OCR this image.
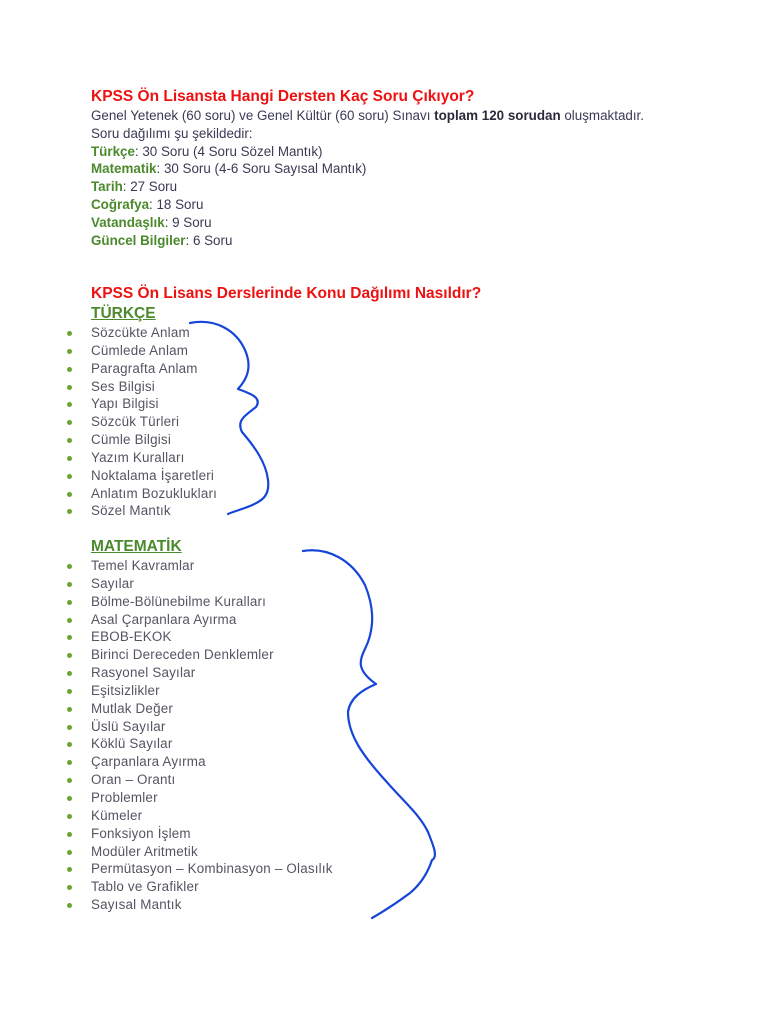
KPSS Ön Lisansta Hangi Dersten Kaç Soru Çıkıyor?
Genel Yetenek (60 soru) ve Genel Kültür (60 soru) Sınavı toplam 120 sorudan oluşmaktadır.
Soru dağılımı şu şekildedir:
Türkçe: 30 Soru (4 Soru Sözel Mantık)
Matematik: 30 Soru (4-6 Soru Sayısal Mantık)
Tarih: 27 Soru
Coğrafya: 18 Soru
Vatandaşlık: 9 Soru
Güncel Bilgiler: 6 Soru
KPSS Ön Lisans Derslerinde Konu Dağılımı Nasıldır?
TÜRKÇE
Sözcükte Anlam
Cümlede Anlam
Paragrafta Anlam
Ses Bilgisi
Yapı Bilgisi
Sözcük Türleri
Cümle Bilgisi
Yazım Kuralları
Noktalama İşaretleri
Anlatım Bozuklukları
Sözel Mantık
MATEMATİK
Temel Kavramlar
Sayılar
Bölme-Bölünebilme Kuralları
Asal Çarpanlara Ayırma
EBOB-EKOK
Birinci Dereceden Denklemler
Rasyonel Sayılar
Eşitsizlikler
Mutlak Değer
Üslü Sayılar
Köklü Sayılar
Çarpanlara Ayırma
Oran – Orantı
Problemler
Kümeler
Fonksiyon İşlem
Modüler Aritmetik
Permütasyon – Kombinasyon – Olasılık
Tablo ve Grafikler
Sayısal Mantık
